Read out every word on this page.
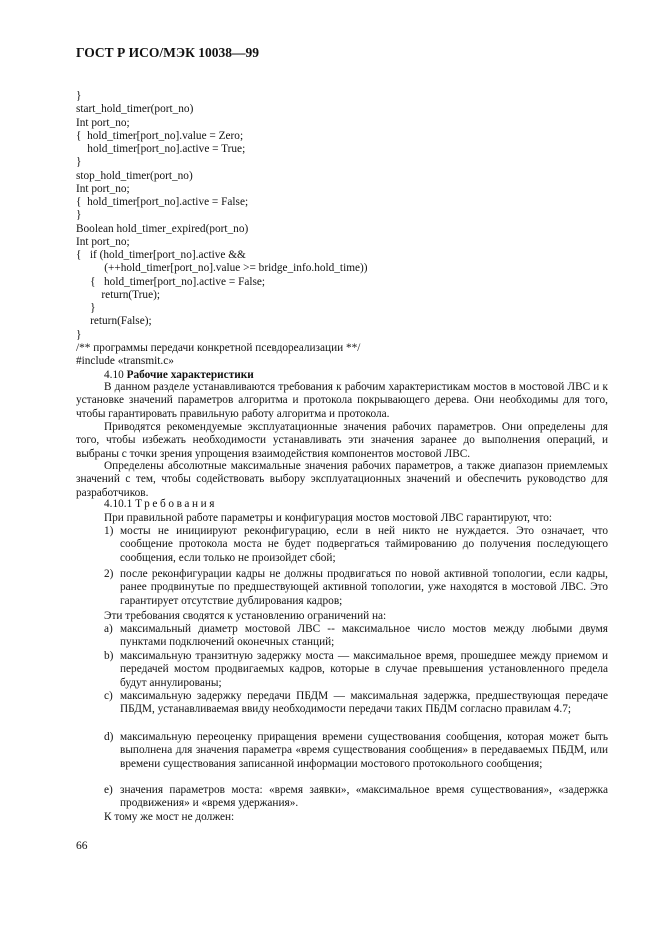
ГОСТ Р ИСО/МЭК 10038—99
}
start_hold_timer(port_no)
Int port_no;
{  hold_timer[port_no].value = Zero;
hold_timer[port_no].active = True;
}
stop_hold_timer(port_no)
Int port_no;
{  hold_timer[port_no].active = False;
}
Boolean hold_timer_expired(port_no)
Int port_no;
{   if (hold_timer[port_no].active &&
(++hold_timer[port_no].value >= bridge_info.hold_time))
{   hold_timer[port_no].active = False;
return(True);
}
return(False);
}
/** программы передачи конкретной псевдореализации **/
#include «transmit.c»
4.10 Рабочие характеристики
В данном разделе устанавливаются требования к рабочим характеристикам мостов в мостовой ЛВС и к установке значений параметров алгоритма и протокола покрывающего дерева. Они необходимы для того, чтобы гарантировать правильную работу алгоритма и протокола.
Приводятся рекомендуемые эксплуатационные значения рабочих параметров. Они определены для того, чтобы избежать необходимости устанавливать эти значения заранее до выполнения операций, и выбраны с точки зрения упрощения взаимодействия компонентов мостовой ЛВС.
Определены абсолютные максимальные значения рабочих параметров, а также диапазон приемлемых значений с тем, чтобы содействовать выбору эксплуатационных значений и обеспечить руководство для разработчиков.
4.10.1 Требования
При правильной работе параметры и конфигурация мостов мостовой ЛВС гарантируют, что:
1) мосты не инициируют реконфигурацию, если в ней никто не нуждается. Это означает, что сообщение протокола моста не будет подвергаться таймированию до получения последующего сообщения, если только не произойдет сбой;
2) после реконфигурации кадры не должны продвигаться по новой активной топологии, если кадры, ранее продвинутые по предшествующей активной топологии, уже находятся в мостовой ЛВС. Это гарантирует отсутствие дублирования кадров;
Эти требования сводятся к установлению ограничений на:
a) максимальный диаметр мостовой ЛВС -- максимальное число мостов между любыми двумя пунктами подключений оконечных станций;
b) максимальную транзитную задержку моста — максимальное время, прошедшее между приемом и передачей мостом продвигаемых кадров, которые в случае превышения установленного предела будут аннулированы;
c) максимальную задержку передачи ПБДМ — максимальная задержка, предшествующая передаче ПБДМ, устанавливаемая ввиду необходимости передачи таких ПБДМ согласно правилам 4.7;
d) максимальную переоценку приращения времени существования сообщения, которая может быть выполнена для значения параметра «время существования сообщения» в передаваемых ПБДМ, или времени существования записанной информации мостового протокольного сообщения;
e) значения параметров моста: «время заявки», «максимальное время существования», «задержка продвижения» и «время удержания».
К тому же мост не должен:
66
